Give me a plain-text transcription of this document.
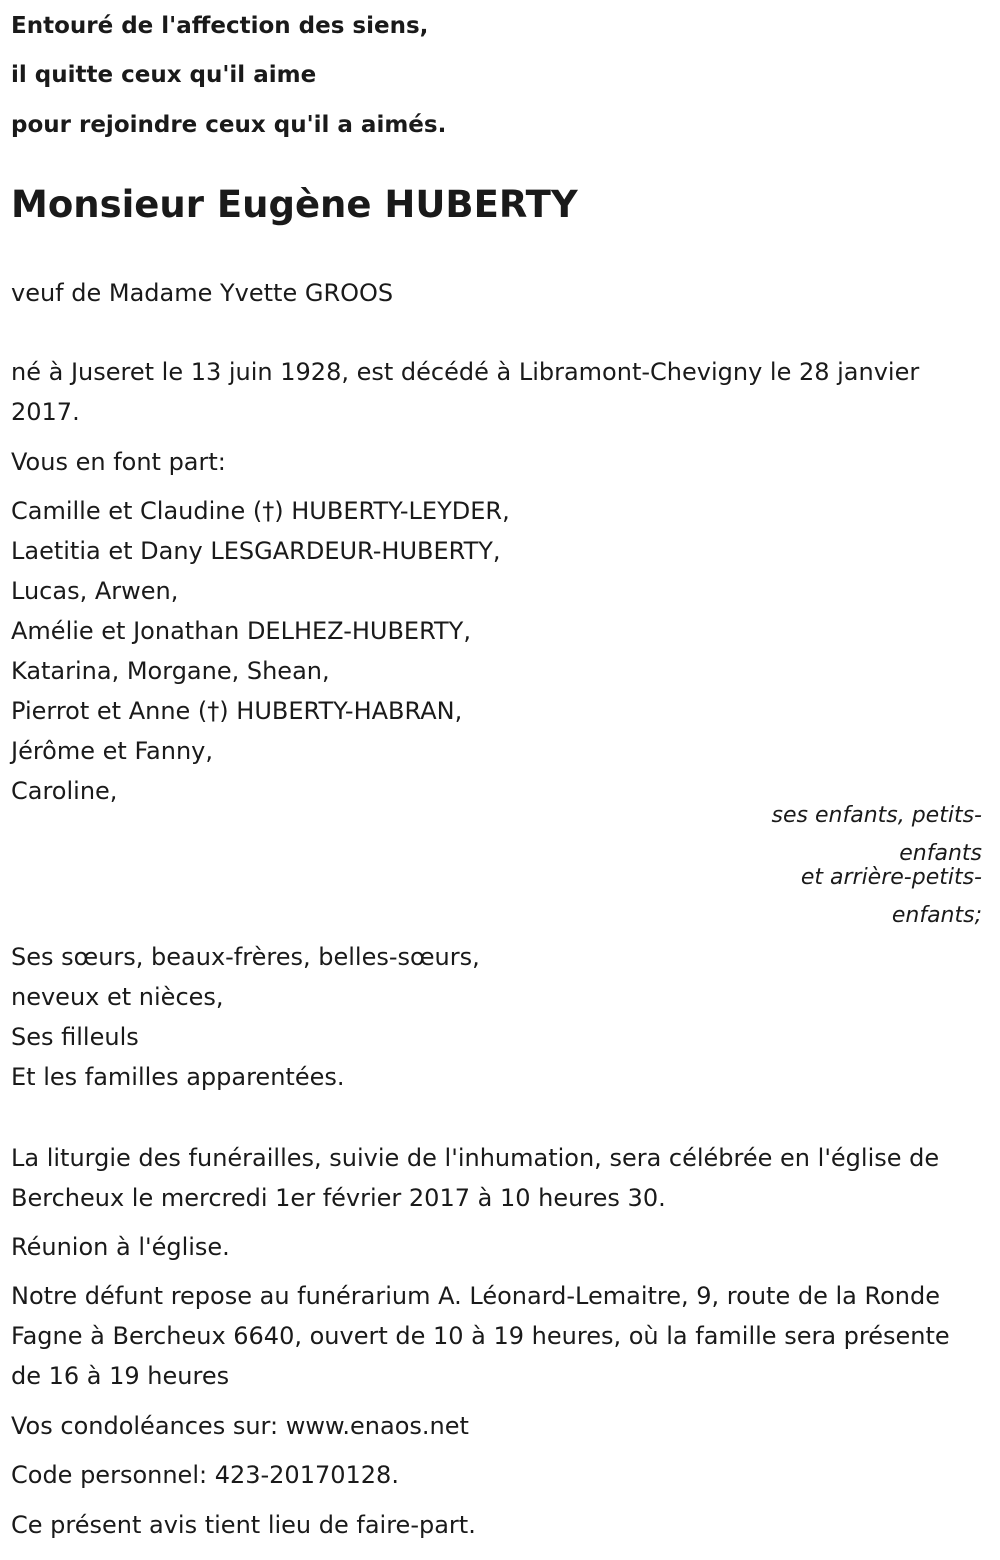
Entouré de l'affection des siens,

il quitte ceux qu'il aime

pour rejoindre ceux qu'il a aimés.

Monsieur Eugène HUBERTY

veuf de Madame Yvette GROOS

né à Juseret le 13 juin 1928, est décédé à Libramont-Chevigny le 28 janvier 2017.

Vous en font part:

Camille et Claudine (†) HUBERTY-LEYDER,
Laetitia et Dany LESGARDEUR-HUBERTY,
Lucas, Arwen,
Amélie et Jonathan DELHEZ-HUBERTY,
Katarina, Morgane, Shean,
Pierrot et Anne (†) HUBERTY-HABRAN,
Jérôme et Fanny,
Caroline,
ses enfants, petits-
enfants
et arrière-petits-
enfants;
Ses sœurs, beaux-frères, belles-sœurs,
neveux et nièces,
Ses filleuls
Et les familles apparentées.

La liturgie des funérailles, suivie de l'inhumation, sera célébrée en l'église de Bercheux le mercredi 1er février 2017 à 10 heures 30.

Réunion à l'église.

Notre défunt repose au funérarium A. Léonard-Lemaitre, 9, route de la Ronde Fagne à Bercheux 6640, ouvert de 10 à 19 heures, où la famille sera présente de 16 à 19 heures

Vos condoléances sur: www.enaos.net

Code personnel: 423-20170128.

Ce présent avis tient lieu de faire-part.
